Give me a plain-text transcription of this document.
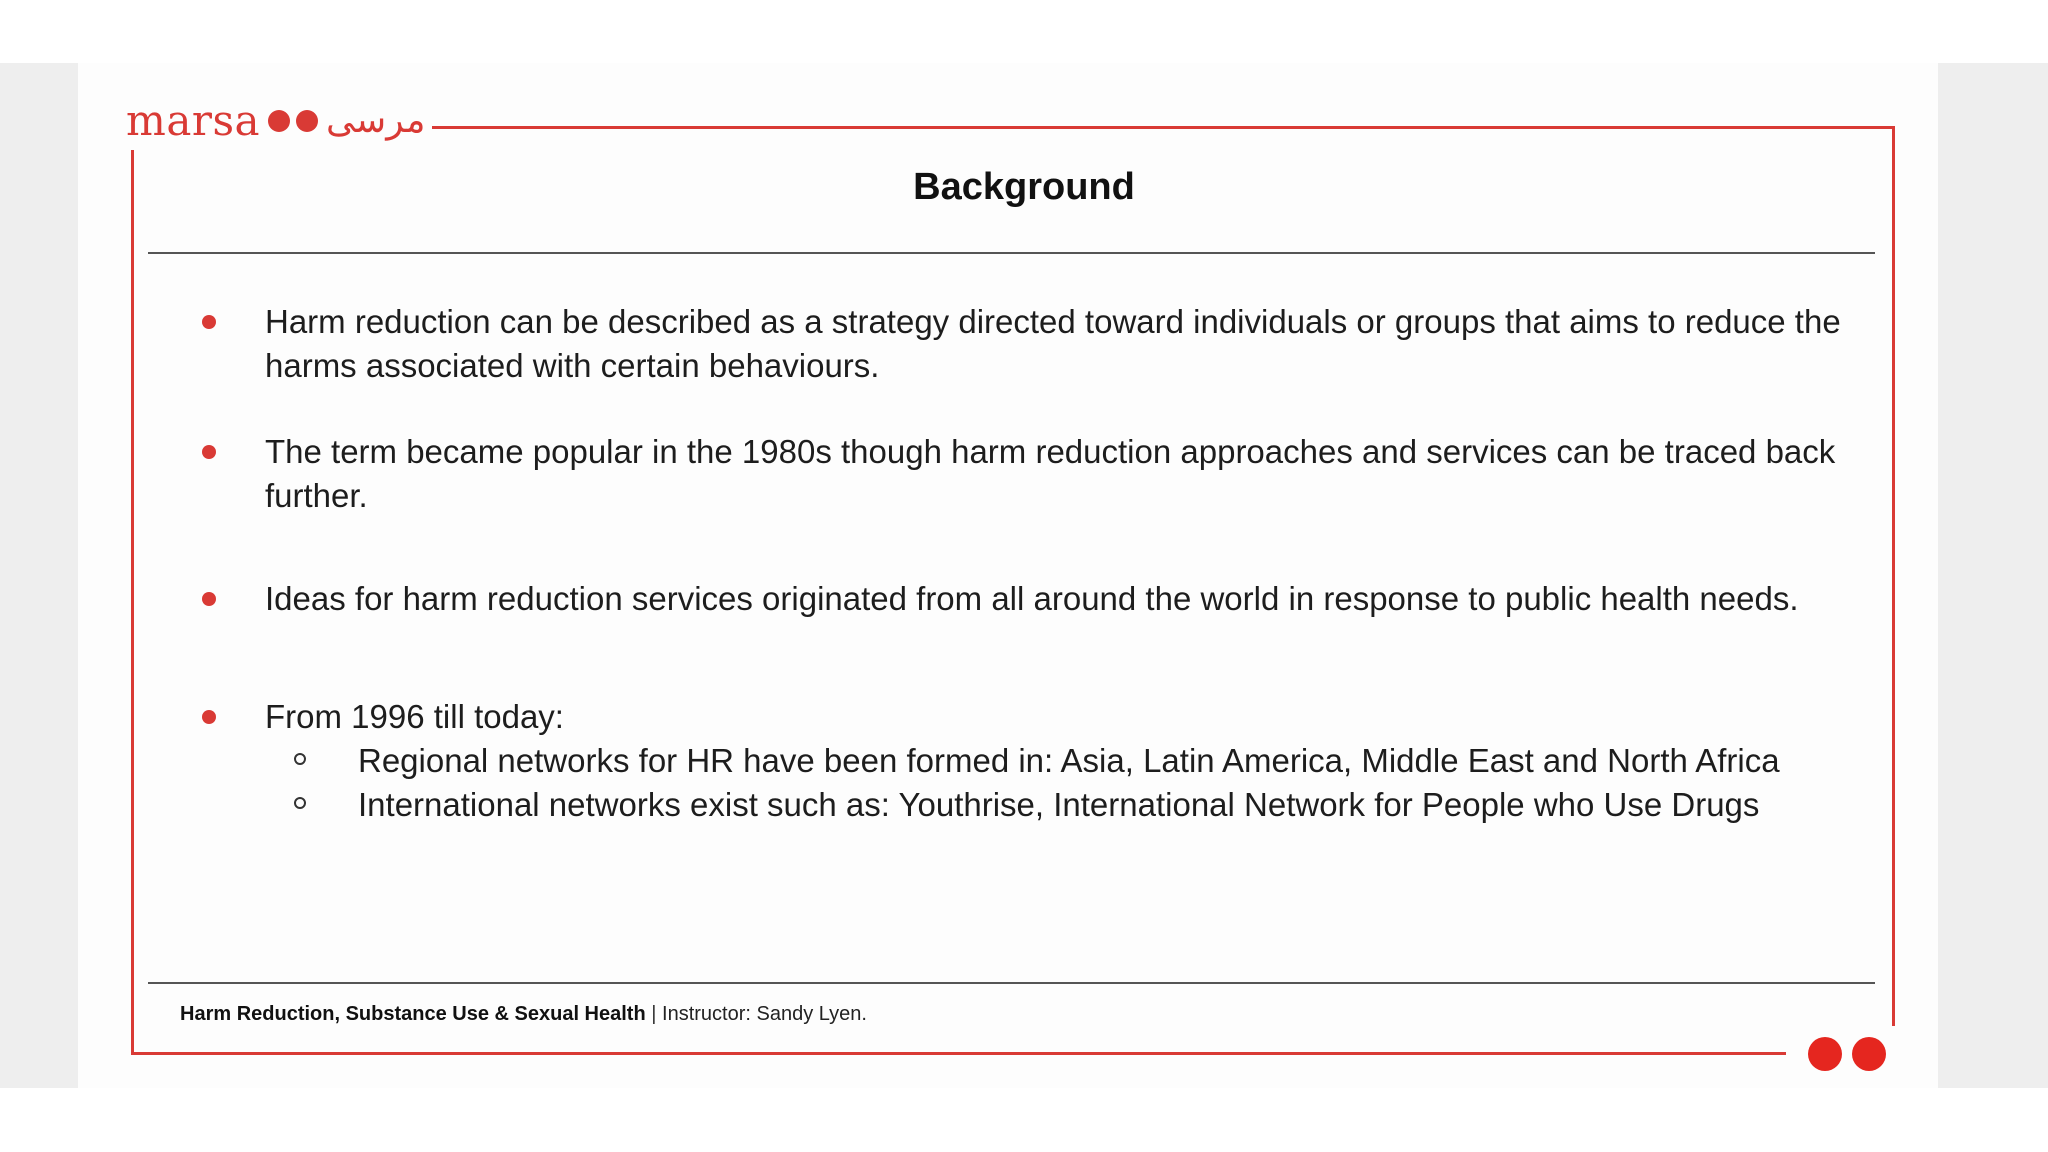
marsa مرسى
Background
Harm reduction can be described as a strategy directed toward individuals or groups that aims to reduce the harms associated with certain behaviours.
The term became popular in the 1980s though harm reduction approaches and services can be traced back further.
Ideas for harm reduction services originated from all around the world in response to public health needs.
From 1996 till today:
Regional networks for HR have been formed in: Asia, Latin America, Middle East and North Africa
International networks exist such as: Youthrise, International Network for People who Use Drugs
Harm Reduction, Substance Use & Sexual Health | Instructor: Sandy Lyen.
